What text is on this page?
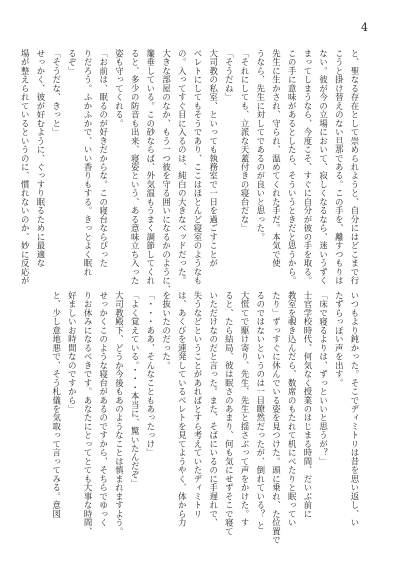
4
と、聖なる存在として崇められようと、自分にはどこまで行
こうと掛け替えのない旦那である。この手を、離すつもりは
ない。彼が今の立場において、寂しくなるなら、迷いうずく
まってしまうなら、今度こそ、すぐに自分が彼の手を取る。
この手に意味があるとしたら、そういうときだと思うから。
先生に生かされ、守られ、温めてくれた手だ。本気で使
うなら、先生に対してであるのが良いと思った。
「それにしても、立派な天蓋付きの寝台だな」
「そうだね」
大司教の私室、といっても執務室で一日を過ごすことが
ベレトにしてもそうであり、ここはほとんど寝室のようなも
の。入ってすぐ目に入るのは、純白の大きなベッドだった。
大きな部屋のなか、もう一つ彼を守る囲いになるかのように、
簾垂している。この砂ならば、外気温もうまく調節してくれ
ると、多少の防音も出来、寝姿という、ある意味立ち入った
姿も守ってくれる。
「お前は、眠るのが好きだからな。この寝台ならぴった
りだろう。ふかふかで、いい香りもする。きっとよく眠れ
るぞ」
「そうだな、きっと」
せっかく、彼が好むように、ぐっすり眠るために最適な
場が整えられているというのに、慣れないのか、妙に反応が
いつもより鈍かった。そこでディミトリは昔を思い返し、い
たずらっぽい声を出す。
「床で寝るよりは、ずっといいと思うが？」
士官学校時代、何気なく授業のはじまる時間、だいぶ前に
教室を覗き込んだら、数席のもたれて机にべたりと眠ってい
たり」ずっすぐに休んでいる姿を見つけた。頭に乗れ、た位置で
るのではないというのは一目瞭然だったが、倒れている？ と
大慌てで駆け寄り、先生、先生と揺さぶって声をかけた。す
ると、たら結局、彼は眠さのあまり、何も気にせずそこで寝て
いただけなのだと言った。また、そばにいるのに手遅れで、
失うなどということがあればとすら考えていたディミトリ
は、あくびを連発しているベレトを見てようやく、体から力
を抜いたのだった。
「・・・ああ、そんなこともあったっけ」
「よく覚えている。・・・本当に、驚いたんだぞ」
大司教殿下、どうか今後もあのようなことは慎まれますよう。
せっかくこのような寝台があるのですから、そちらでゆっく
りお休みになるべきです。あなたにとってとても大事な時間、
好ましいお時間なのですから」
と、少し意地悪で、そう札儀を気取って言ってみる。意図
